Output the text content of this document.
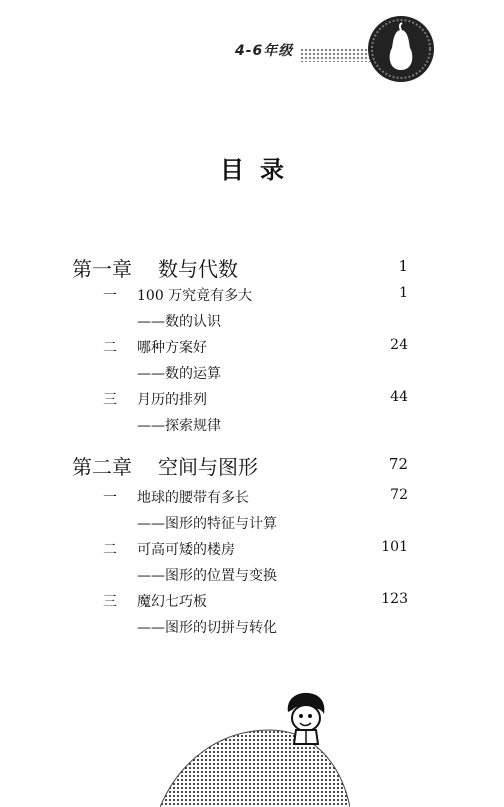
4-6年级
目录
第一章 数与代数	1
一 100 万究竟有多大	1
——数的认识
二 哪种方案好	24
——数的运算
三 月历的排列	44
——探索规律
第二章 空间与图形	72
一 地球的腰带有多长	72
——图形的特征与计算
二 可高可矮的楼房	101
——图形的位置与变换
三 魔幻七巧板	123
——图形的切拼与转化
